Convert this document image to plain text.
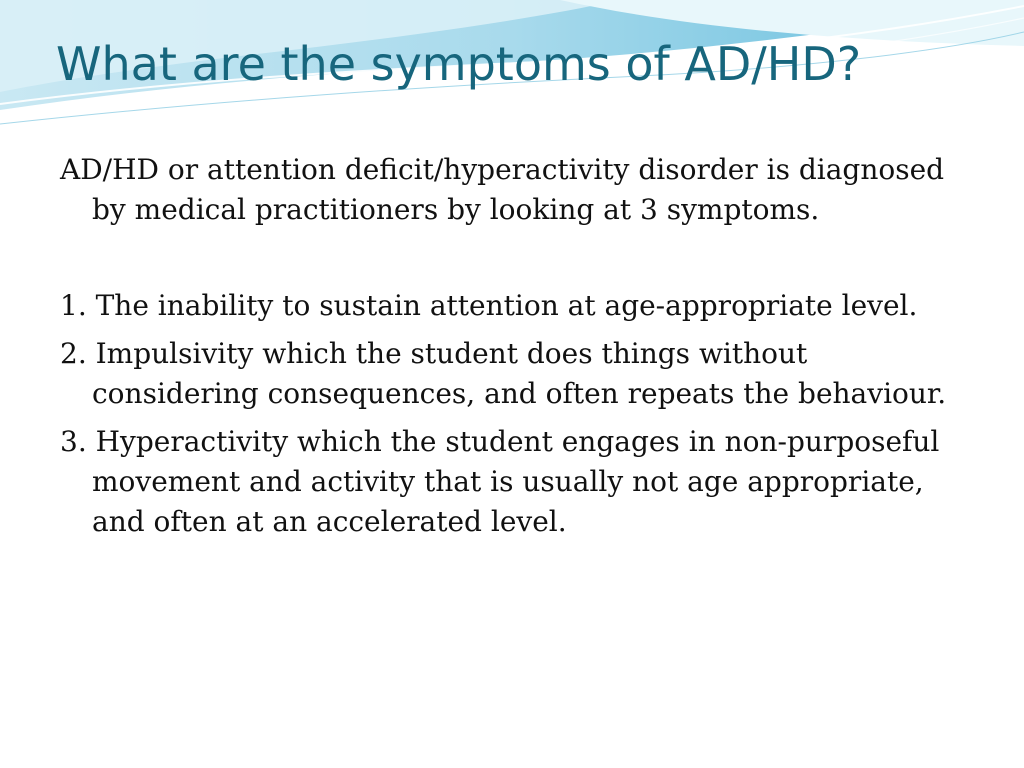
What are the symptoms of AD/HD?

AD/HD or attention deficit/hyperactivity disorder is diagnosed by medical practitioners by looking at 3 symptoms.

1. The inability to sustain attention at age-appropriate level.

2. Impulsivity which the student does things without considering consequences, and often repeats the behaviour.

3. Hyperactivity which the student engages in non-purposeful movement and activity that is usually not age appropriate, and often at an accelerated level.
